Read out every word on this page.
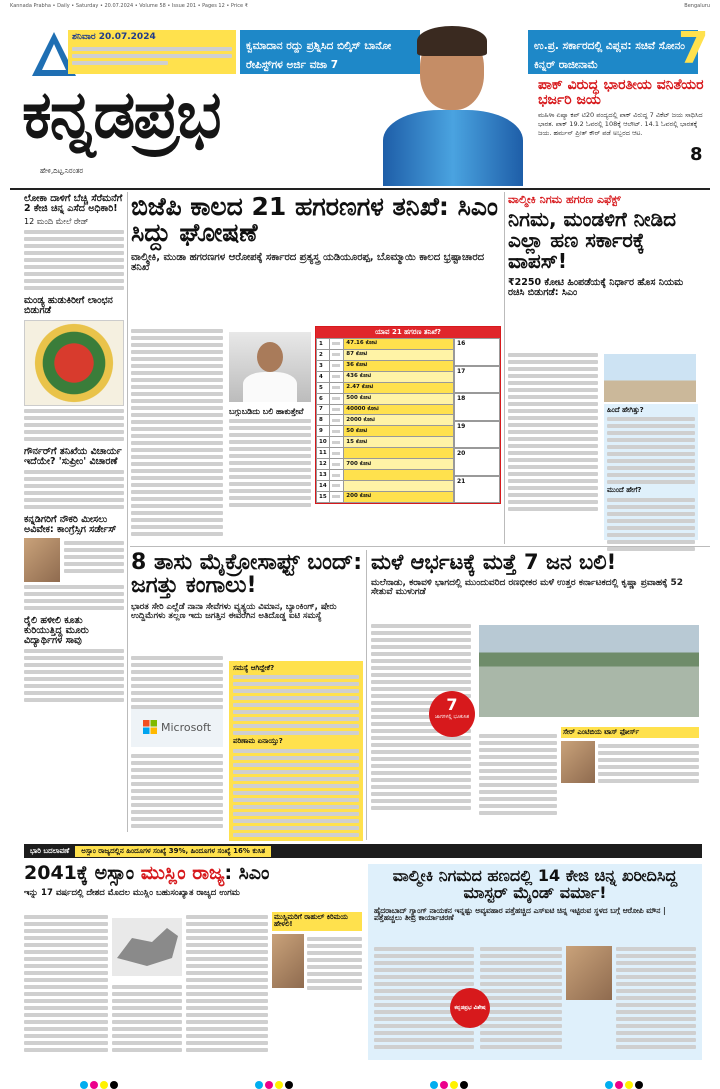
Kannada Prabha • Daily • Saturday • 20.07.2024 • Volume 58 • Issue 201 • Pages 12 • Price ₹	Bengaluru
ಶನಿವಾರ 20.07.2024
ಕನ್ನಡಪ್ರಭ
ಹೇಳಿ,ದಿಟ್ಟ,ನಿರಂತರ
ಕ್ವಮಾದಾನ ರದ್ದು ಪ್ರಶ್ನಿಸಿದ ಬಿಲ್ಕಿಸ್ ಬಾನೋ ರೇಪಿಸ್ಟ್‌ಗಳ ಅರ್ಜಿ ವಜಾ 7
ಉ.ಪ್ರ. ಸರ್ಕಾರದಲ್ಲಿ ವಿಪ್ಲವ: ಸಚಿವೆ ಸೋನಂ ಕಿನ್ನರ್ ರಾಜೀನಾಮೆ	7
ಪಾಕ್ ವಿರುದ್ಧ ಭಾರತೀಯ ವನಿತೆಯರ ಭರ್ಜರಿ ಜಯ
ಮಹಿಳಾ ಏಷ್ಯಾ ಕಪ್ ಟಿ20 ಪಂದ್ಯದಲ್ಲಿ ಪಾಕ್ ವಿರುದ್ಧ 7 ವಿಕೆಟ್ ಜಯ ಸಾಧಿಸಿದ ಭಾರತ. ಪಾಕ್ 19.2 ಓವರಲ್ಲಿ 108ಕ್ಕೆ ಆಲೌಟ್. 14.1 ಓವರಲ್ಲಿ ಭಾರತಕ್ಕೆ ಜಯ. ಹರ್ಮನ್ ಪ್ರೀತ್ ಕೌರ್ ಪಡೆ ಅಬ್ಬರದ ಆಟ.
8
ಲೋಕಾ ದಾಳಿಗೆ ಬೆಚ್ಚಿ ಸೆರೆಮನೆಗೆ 2 ಕೇಜಿ ಚಿನ್ನ ಎಸೆದ ಅಧಿಕಾರಿ!
12 ಮಂದಿ ಮೇಲೆ ರೇಡ್
ಮಂಡ್ಯ ಹುಡುಕಿರೀಗೆ ಲಾಂಛನ ಬಿಡುಗಡೆ
ಗೌರ್ನರ್‌ಗೆ ತನಿಖೆಯ ವಿಚಾರ್ಯ ಇದೆಯೇ? 'ಸುಪ್ರೀಂ' ವಿಚಾರಣೆ
ಕನ್ನಡಿಗರಿಗೆ ನೌಕರಿ ಮೀಸಲು ಅವಿವೇಕ: ಕಾಂಗ್ರೆಸ್ಸಿಗ ಸರ್ಡೇಸ್
ರೈಲಿ ಹಳೀಲಿ ಕೂತು ಕುರಿಯುತ್ತಿದ್ದ ಮೂರು ವಿದ್ಯಾರ್ಥಿಗಳ ಸಾವು
ಬಿಜೆಪಿ ಕಾಲದ 21 ಹಗರಣಗಳ ತನಿಖೆ: ಸಿಎಂ ಸಿದ್ದು ಘೋಷಣೆ
ವಾಲ್ಮೀಕಿ, ಮುಡಾ ಹಗರಣಗಳ ಆರೋಪಕ್ಕೆ ಸರ್ಕಾರದ ಪ್ರತ್ಯಸ್ತ್ರ ಯಡಿಯೂರಪ್ಪ, ಬೊಮ್ಮಾಯಿ ಕಾಲದ ಭ್ರಷ್ಟಾಚಾರದ ತನಿಖೆ
ಬಗ್ಗುಬಡಿದು ಬಲಿ ಹಾಕುತ್ತೇವೆ
ಯಾವ 21 ಹಗರಣ ತನಿಖೆ?
1		47.16 ಕೋಟಿ
2		87 ಕೋಟಿ
3		36 ಕೋಟಿ
4		436 ಕೋಟಿ
5		2.47 ಕೋಟಿ
6		500 ಕೋಟಿ
7		40000 ಕೋಟಿ
8		2000 ಕೋಟಿ
9		50 ಕೋಟಿ
10		15 ಕೋಟಿ
11	

12		700 ಕೋಟಿ
13	

14	

15		200 ಕೋಟಿ
16
17
18
19
20
21
ವಾಲ್ಮೀಕಿ ನಿಗಮ ಹಗರಣ ಎಫೆಕ್ಟ್
ನಿಗಮ, ಮಂಡಳಿಗೆ ನೀಡಿದ ಎಲ್ಲಾ ಹಣ ಸರ್ಕಾರಕ್ಕೆ ವಾಪಸ್!
₹2250 ಕೋಟಿ ಹಿಂಪಡೆಯಕ್ಕೆ ನಿರ್ಧಾರ ಹೊಸ ನಿಯಮ ರಚಿಸಿ ಬಿಡುಗಡೆ: ಸಿಎಂ
ಹಿಂದೆ ಹೇಗಿತ್ತು?
ಮುಂದೆ ಹೇಗೆ?
8 ತಾಸು ಮೈಕ್ರೋಸಾಫ್ಟ್ ಬಂದ್: ಜಗತ್ತು ಕಂಗಾಲು!
ಭಾರತ ಸೇರಿ ಎಲ್ಲೆಡೆ ನಾನಾ ಸೇವೆಗಳು ವ್ಯತ್ಯಯ ವಿಮಾನ, ಬ್ಯಾಂಕಿಂಗ್, ಷೇರು ಉದ್ದಿಮೆಗಳು ತಲ್ಲಣ ಇದು ಜಗತ್ತಿನ ಈವರೆಗಿನ ಅತಿದೊಡ್ಡ ಐಟಿ ಸಮಸ್ಯೆ
Microsoft
ಸಮಸ್ಯೆ ಆಗಿದ್ದೇಕೆ?
ಪರಿಣಾಮ ಏನಾಯ್ತು?
ಮಳೆ ಆರ್ಭಟಕ್ಕೆ ಮತ್ತೆ 7 ಜನ ಬಲಿ!
ಮಲೆನಾಡು, ಕರಾವಳಿ ಭಾಗದಲ್ಲಿ ಮುಂದುವರಿದ ರಣಭೀಕರ ಮಳೆ ಉತ್ತರ ಕರ್ನಾಟಕದಲ್ಲಿ ಕೃಷ್ಣಾ ಪ್ರವಾಹಕ್ಕೆ 52 ಸೇತುವೆ ಮುಳುಗಡೆ
7
ಜಾಗಗಳಲ್ಲಿ ಭೂಕುಸಿತ
ಸೇರ್ ಎಂಟಿಬಿಯ ಟಾಸ್ ಫೋರ್ಸ್
ಭಾರಿ ಬದಲಾವಣೆ	ಅಸ್ಸಾಂ ರಾಜ್ಯದಲ್ಲಿನ ಹಿಂದೂಗಳ ಸಂಖ್ಯೆ 39%, ಹಿಂದೂಗಳ ಸಂಖ್ಯೆ 16% ಕುಸಿತ
2041ಕ್ಕೆ ಅಸ್ಸಾಂ ಮುಸ್ಲಿಂ ರಾಜ್ಯ: ಸಿಎಂ
ಇನ್ನು 17 ವರ್ಷದಲ್ಲಿ ದೇಶದ ಮೊದಲ ಮುಸ್ಲಿಂ ಬಹುಸಂಖ್ಯಾತ ರಾಜ್ಯದ ಉಗಮ
ಮುಸ್ಲಿಮರಿಗೆ ರಾಹುಲ್ ಕಿರಿಮಯ ಹೇಳಲಿ!
ವಾಲ್ಮೀಕಿ ನಿಗಮದ ಹಣದಲ್ಲಿ 14 ಕೇಜಿ ಚಿನ್ನ ಖರೀದಿಸಿದ್ದ ಮಾಸ್ಟರ್ ಮೈಂಡ್ ವರ್ಮಾ!
ಹೈದರಾಬಾದ್ ಗ್ಯಾಂಗ್ ನಾಯಕನ ಇನ್ನಷ್ಟು ಅವ್ಯವಹಾರ ಪತ್ತೆಹಚ್ಚಿದ ಎಸ್‌ಐಟಿ ಚಿನ್ನ ಇಟ್ಟಿರುವ ಸ್ಥಳದ ಬಗ್ಗೆ ಆರೋಪಿ ಮೌನ | ಪತ್ತೆಹಚ್ಚಲು ತೀವ್ರ ಕಾರ್ಯಾಚರಣೆ
ಕನ್ನಡಪ್ರಭ ವಿಶೇಷ
